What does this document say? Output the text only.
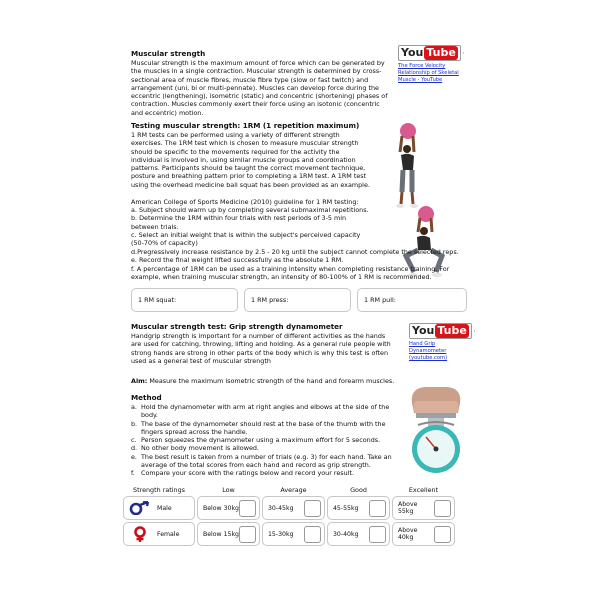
Muscular strength
Muscular strength is the maximum amount of force which can be generated by the muscles in a single contraction. Muscular strength is determined by cross-sectional area of muscle fibres, muscle fibre type (slow or fast twitch) and arrangement (uni, bi or multi-pennate). Muscles can develop force during the eccentric (lengthening), isometric (static) and concentric (shortening) phases of contraction. Muscles commonly exert their force using an isotonic (concentric and eccentric) motion.
You Tube
The Force Velocity Relationship of Skeletal Muscle - YouTube
Testing muscular strength: 1RM (1 repetition maximum)
1 RM tests can be performed using a variety of different strength exercises. The 1RM test which is chosen to measure muscular strength should be specific to the movements required for the activity the individual is involved in, using similar muscle groups and coordination patterns. Participants should be taught the correct movement technique, posture and breathing pattern prior to completing a 1RM test. A 1RM test using the overhead medicine ball squat has been provided as an example.
American College of Sports Medicine (2010) guideline for 1 RM testing:
a. Subject should warm up by completing several submaximal repetitions.
b. Determine the 1RM within four trials with rest periods of 3-5 min between trials.
c. Select an initial weight that is within the subject's perceived capacity (50-70% of capacity)
d.Pregressively increase resistance by 2.5 - 20 kg until the subject cannot complete the selected reps.
e. Record the final weight lifted successfully as the absolute 1 RM.
f. A percentage of 1RM can be used as a training intensity when completing resistance training. For example, when training muscular strength, an intensity of 80-100% of 1 RM is recommended.
1 RM squat:	1 RM press:	1 RM pull:
Muscular strength test: Grip strength dynamometer
Handgrip strength is important for a number of different activities as the hands are used for catching, throwing, lifting and holding. As a general rule people with strong hands are strong in other parts of the body which is why this test is often used as a general test of muscular strength
You Tube
Hand Grip Dynamometer (youtube.com)
Aim: Measure the maximum isometric strength of the hand and forearm muscles.
Method
a. Hold the dynamometer with arm at right angles and elbows at the side of the body.
b. The base of the dynamometer should rest at the base of the thumb with the fingers spread across the handle.
c. Person squeezes the dynamometer using a maximum effort for 5 seconds.
d. No other body movement is allowed.
e. The best result is taken from a number of trials (e.g. 3) for each hand. Take an average of the total scores from each hand and record as grip strength.
f. Compare your score with the ratings below and record your result.
Strength ratings	Low	Average	Good	Excellent

Male	Below 30kg	30-45kg	45-55kg	Above 55kg

Female	Below 15kg	15-30kg	30-40kg	Above 40kg
